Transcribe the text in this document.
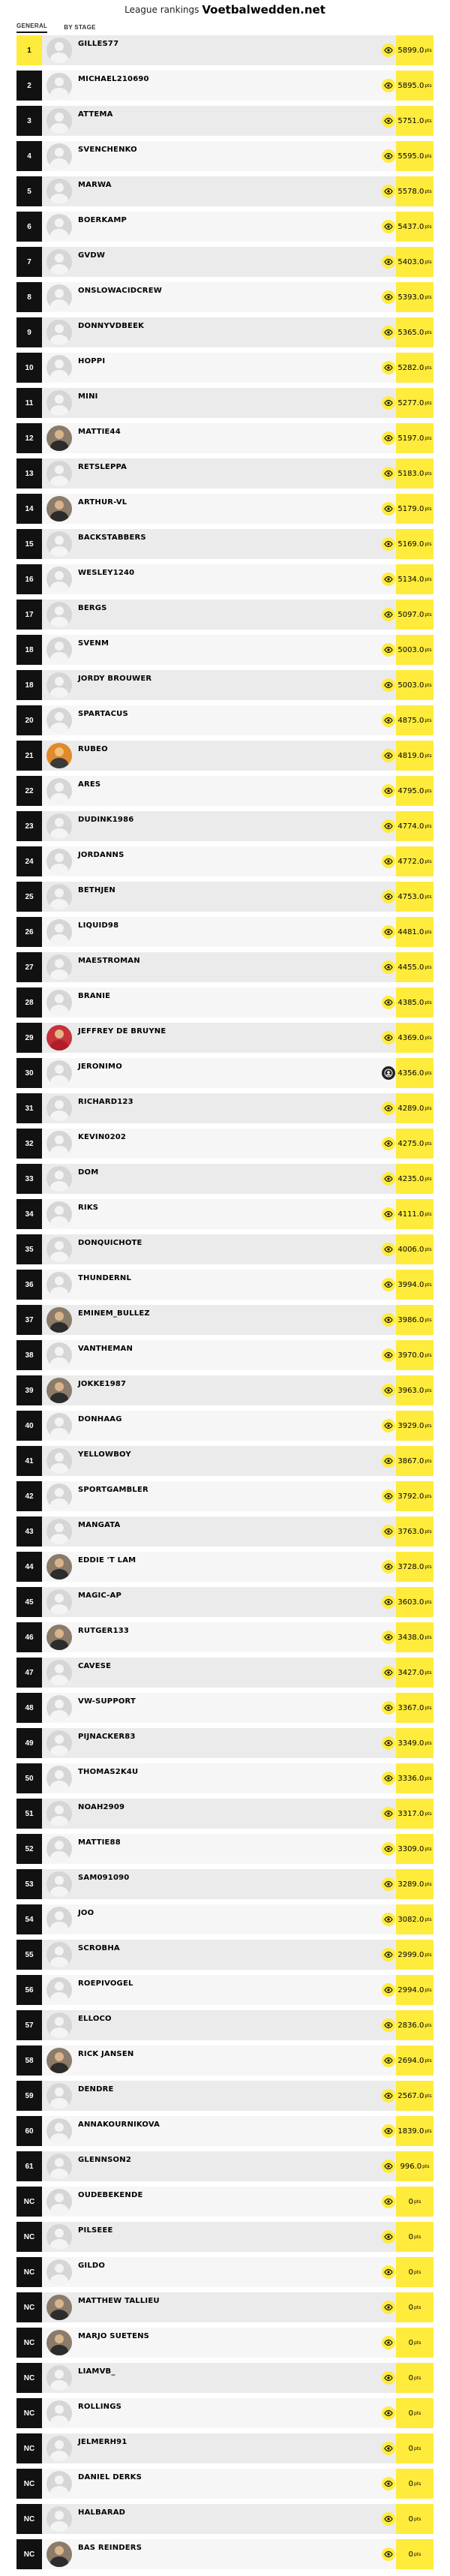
League rankings Voetbalwedden.net
GENERAL	BY STAGE
1
GILLES77
5899.0 pts
2
MICHAEL210690
5895.0 pts
3
ATTEMA
5751.0 pts
4
SVENCHENKO
5595.0 pts
5
MARWA
5578.0 pts
6
BOERKAMP
5437.0 pts
7
GVDW
5403.0 pts
8
ONSLOWACIDCREW
5393.0 pts
9
DONNYVDBEEK
5365.0 pts
10
HOPPI
5282.0 pts
11
MINI
5277.0 pts
12
MATTIE44
5197.0 pts
13
RETSLEPPA
5183.0 pts
14
ARTHUR-VL
5179.0 pts
15
BACKSTABBERS
5169.0 pts
16
WESLEY1240
5134.0 pts
17
BERGS
5097.0 pts
18
SVENM
5003.0 pts
18
JORDY BROUWER
5003.0 pts
20
SPARTACUS
4875.0 pts
21
RUBEO
4819.0 pts
22
ARES
4795.0 pts
23
DUDINK1986
4774.0 pts
24
JORDANNS
4772.0 pts
25
BETHJEN
4753.0 pts
26
LIQUID98
4481.0 pts
27
MAESTROMAN
4455.0 pts
28
BRANIE
4385.0 pts
29
JEFFREY DE BRUYNE
4369.0 pts
30
JERONIMO
4356.0 pts
31
RICHARD123
4289.0 pts
32
KEVIN0202
4275.0 pts
33
DOM
4235.0 pts
34
RIKS
4111.0 pts
35
DONQUICHOTE
4006.0 pts
36
THUNDERNL
3994.0 pts
37
EMINEM_BULLEZ
3986.0 pts
38
VANTHEMAN
3970.0 pts
39
JOKKE1987
3963.0 pts
40
DONHAAG
3929.0 pts
41
YELLOWBOY
3867.0 pts
42
SPORTGAMBLER
3792.0 pts
43
MANGATA
3763.0 pts
44
EDDIE 'T LAM
3728.0 pts
45
MAGIC-AP
3603.0 pts
46
RUTGER133
3438.0 pts
47
CAVESE
3427.0 pts
48
VW-SUPPORT
3367.0 pts
49
PIJNACKER83
3349.0 pts
50
THOMAS2K4U
3336.0 pts
51
NOAH2909
3317.0 pts
52
MATTIE88
3309.0 pts
53
SAM091090
3289.0 pts
54
JOO
3082.0 pts
55
SCROBHA
2999.0 pts
56
ROEPIVOGEL
2994.0 pts
57
ELLOCO
2836.0 pts
58
RICK JANSEN
2694.0 pts
59
DENDRE
2567.0 pts
60
ANNAKOURNIKOVA
1839.0 pts
61
GLENNSON2
996.0 pts
NC
OUDEBEKENDE
0 pts
NC
PILSEEE
0 pts
NC
GILDO
0 pts
NC
MATTHEW TALLIEU
0 pts
NC
MARJO SUETENS
0 pts
NC
LIAMVB_
0 pts
NC
ROLLINGS
0 pts
NC
JELMERH91
0 pts
NC
DANIEL DERKS
0 pts
NC
HALBARAD
0 pts
NC
BAS REINDERS
0 pts
